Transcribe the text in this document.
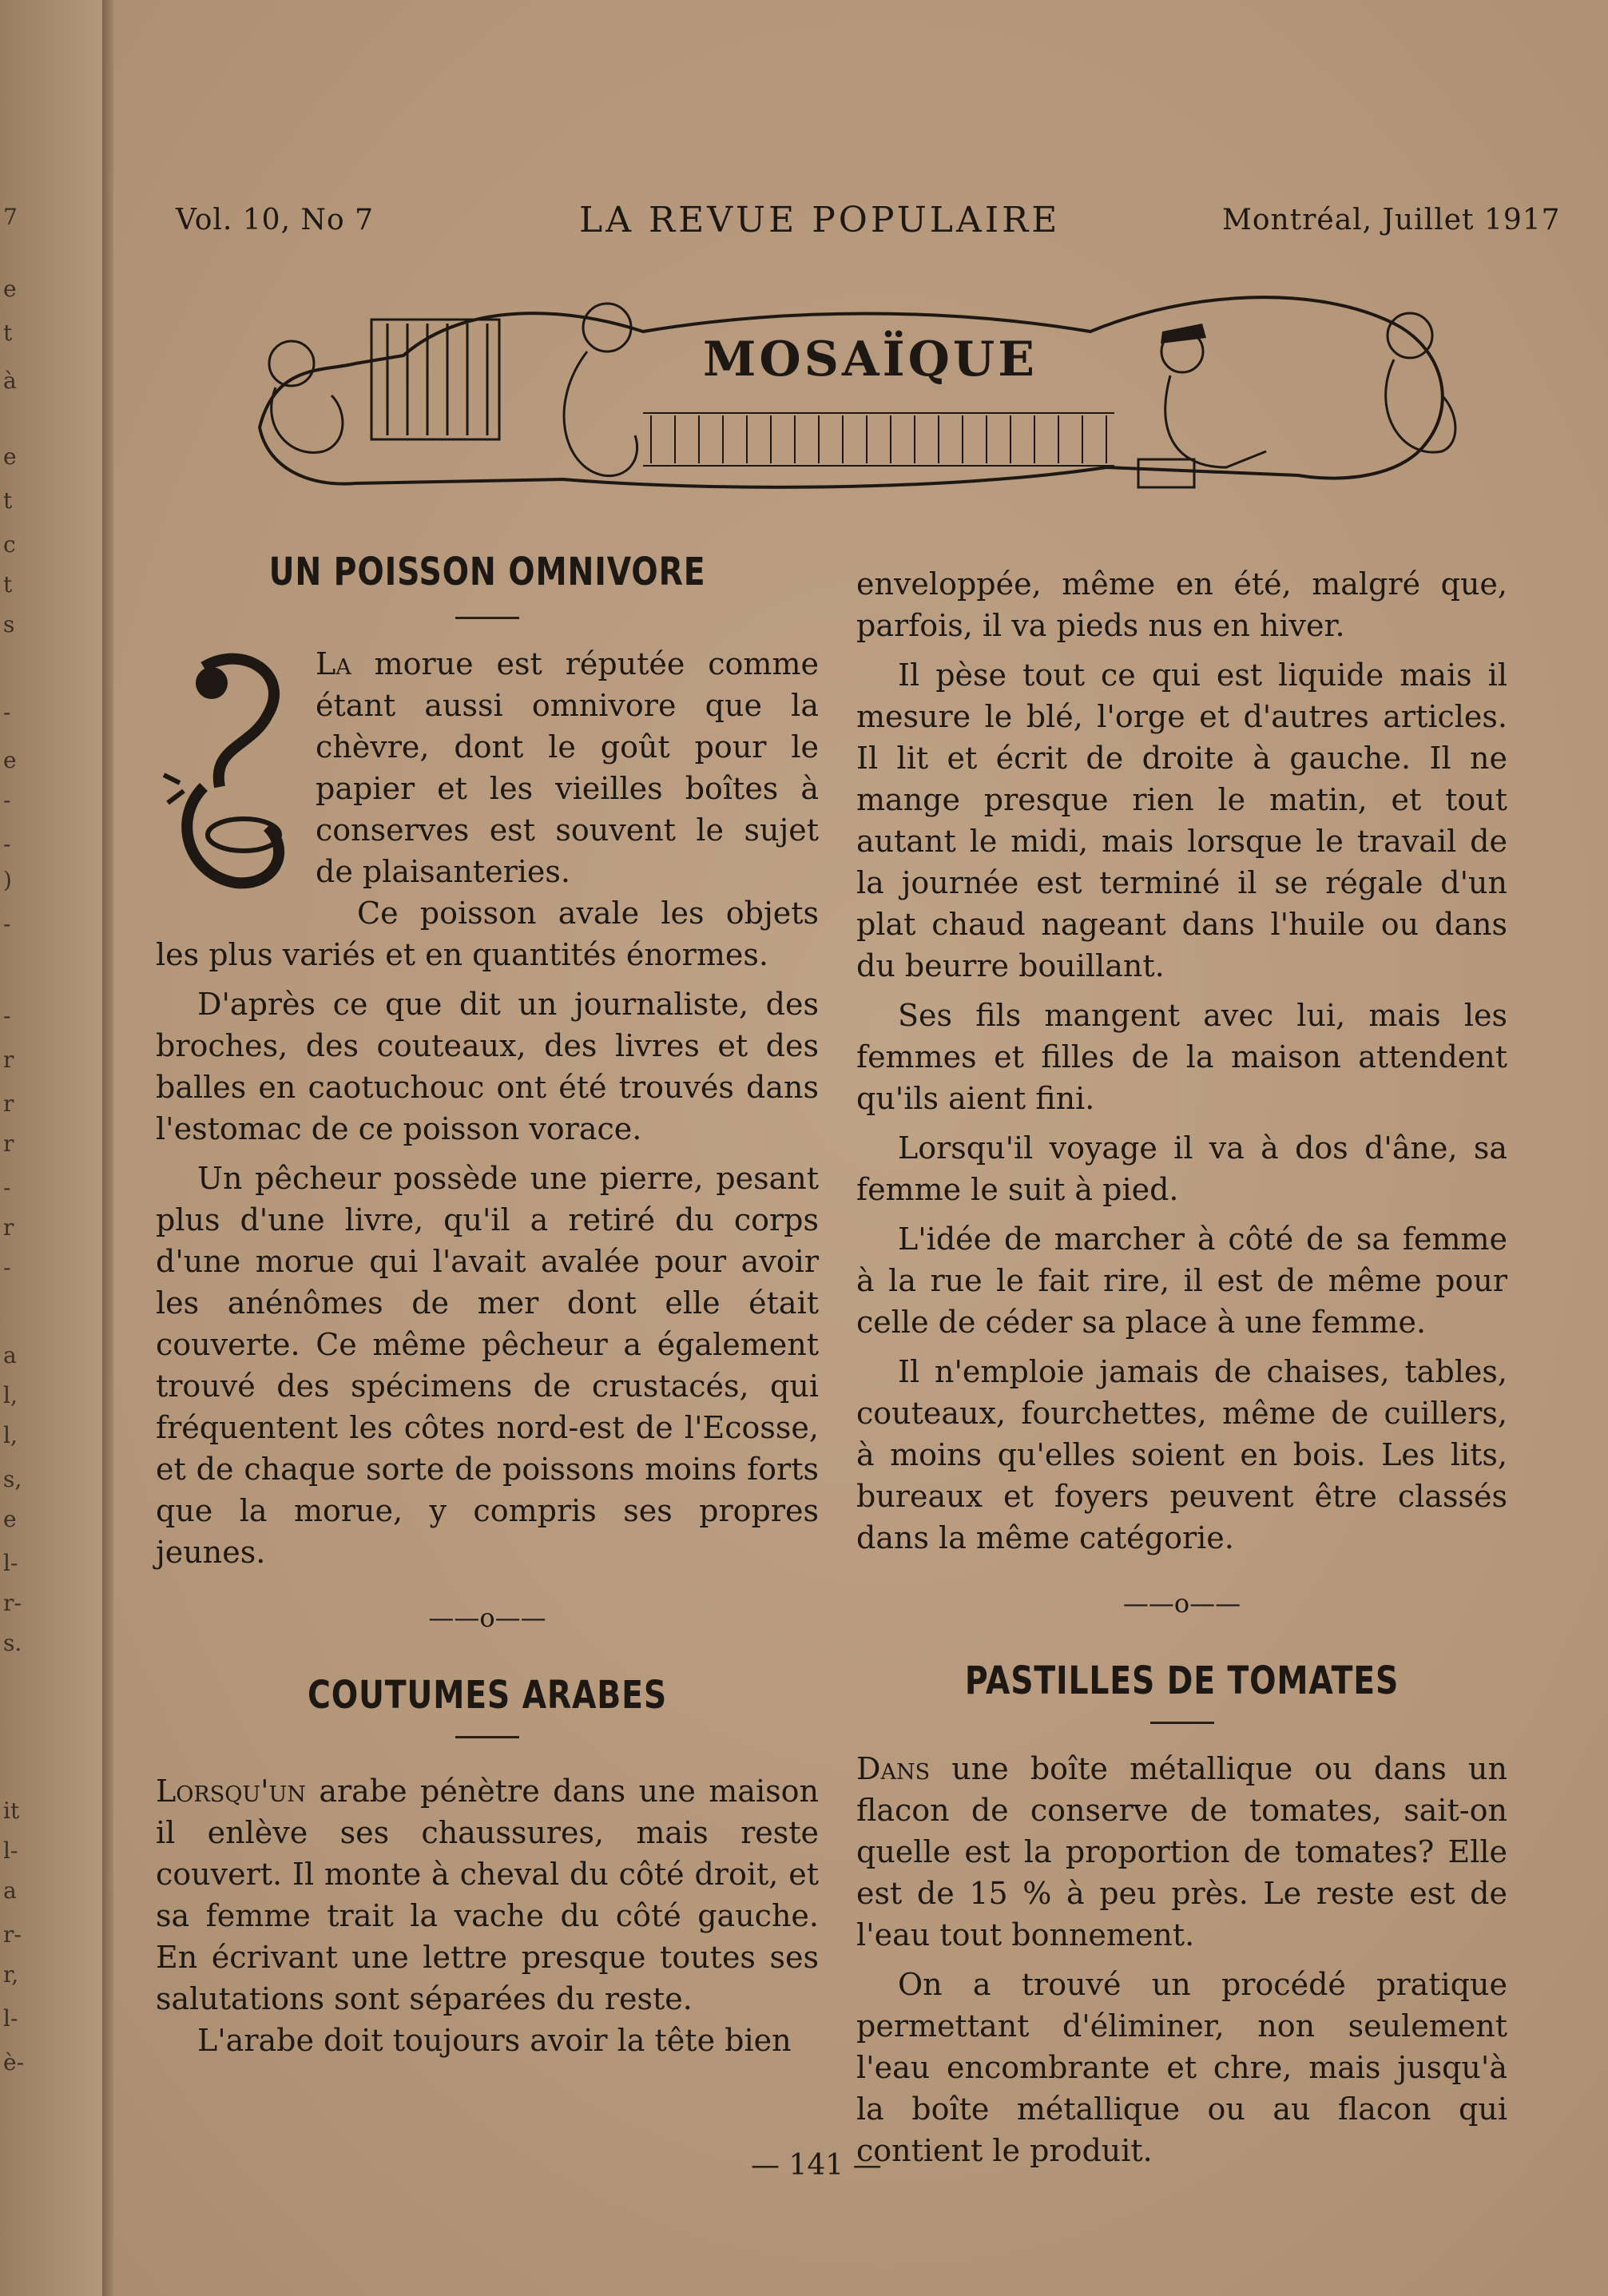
7
e
t
à
e
t
c
t
s
-
e
-
-
)
-
-
r
r
r
-
r
-
a
l,
l,
s,
e
l-
r-
s.
it
l-
a
r-
r,
l-
è-
Vol. 10, No 7	LA REVUE POPULAIRE	Montréal, Juillet 1917
MOSAÏQUE
UN POISSON OMNIVORE

La morue est réputée comme étant aussi omnivore que la chèvre, dont le goût pour le papier et les vieilles boîtes à conserves est souvent le sujet de plaisanteries.

Ce poisson avale les objets les plus variés et en quantités énormes.

D'après ce que dit un journaliste, des broches, des couteaux, des livres et des balles en caotuchouc ont été trouvés dans l'estomac de ce poisson vorace.

Un pêcheur possède une pierre, pesant plus d'une livre, qu'il a retiré du corps d'une morue qui l'avait avalée pour avoir les anénômes de mer dont elle était couverte. Ce même pêcheur a également trouvé des spécimens de crustacés, qui fréquentent les côtes nord-est de l'Ecosse, et de chaque sorte de poissons moins forts que la morue, y compris ses propres jeunes.

——o——
COUTUMES ARABES

Lorsqu'un arabe pénètre dans une maison il enlève ses chaussures, mais reste couvert. Il monte à cheval du côté droit, et sa femme trait la vache du côté gauche. En écrivant une lettre presque toutes ses salutations sont séparées du reste.

L'arabe doit toujours avoir la tête bien

enveloppée, même en été, malgré que, parfois, il va pieds nus en hiver.

Il pèse tout ce qui est liquide mais il mesure le blé, l'orge et d'autres articles. Il lit et écrit de droite à gauche. Il ne mange presque rien le matin, et tout autant le midi, mais lorsque le travail de la journée est terminé il se régale d'un plat chaud nageant dans l'huile ou dans du beurre bouillant.

Ses fils mangent avec lui, mais les femmes et filles de la maison attendent qu'ils aient fini.

Lorsqu'il voyage il va à dos d'âne, sa femme le suit à pied.

L'idée de marcher à côté de sa femme à la rue le fait rire, il est de même pour celle de céder sa place à une femme.

Il n'emploie jamais de chaises, tables, couteaux, fourchettes, même de cuillers, à moins qu'elles soient en bois. Les lits, bureaux et foyers peuvent être classés dans la même catégorie.

——o——
PASTILLES DE TOMATES

Dans une boîte métallique ou dans un flacon de conserve de tomates, sait-on quelle est la proportion de tomates? Elle est de 15 % à peu près. Le reste est de l'eau tout bonnement.

On a trouvé un procédé pratique permettant d'éliminer, non seulement l'eau encombrante et chre, mais jusqu'à la boîte métallique ou au flacon qui contient le produit.

— 141 —
